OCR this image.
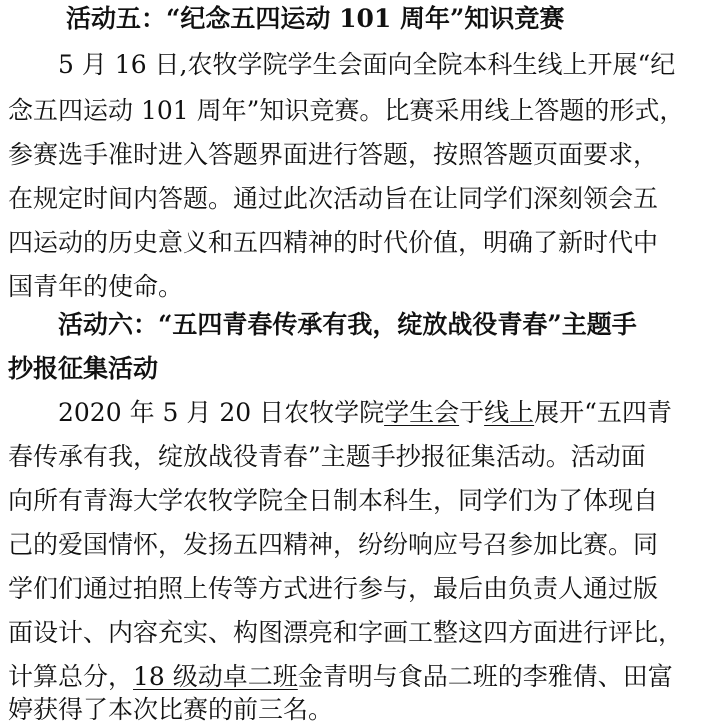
活动五：“纪念五四运动 101 周年”知识竞赛
5 月 16 日,农牧学院学生会面向全院本科生线上开展“纪
念五四运动 101 周年”知识竞赛。比赛采用线上答题的形式，
参赛选手准时进入答题界面进行答题，按照答题页面要求，
在规定时间内答题。通过此次活动旨在让同学们深刻领会五
四运动的历史意义和五四精神的时代价值，明确了新时代中
国青年的使命。
活动六：“五四青春传承有我，绽放战役青春”主题手
抄报征集活动
2020 年 5 月 20 日农牧学院学生会于线上展开“五四青
春传承有我，绽放战役青春”主题手抄报征集活动。活动面
向所有青海大学农牧学院全日制本科生，同学们为了体现自
己的爱国情怀，发扬五四精神，纷纷响应号召参加比赛。同
学们们通过拍照上传等方式进行参与，最后由负责人通过版
面设计、内容充实、构图漂亮和字画工整这四方面进行评比，
计算总分，18 级动卓二班金青明与食品二班的李雅倩、田富
婷获得了本次比赛的前三名。
